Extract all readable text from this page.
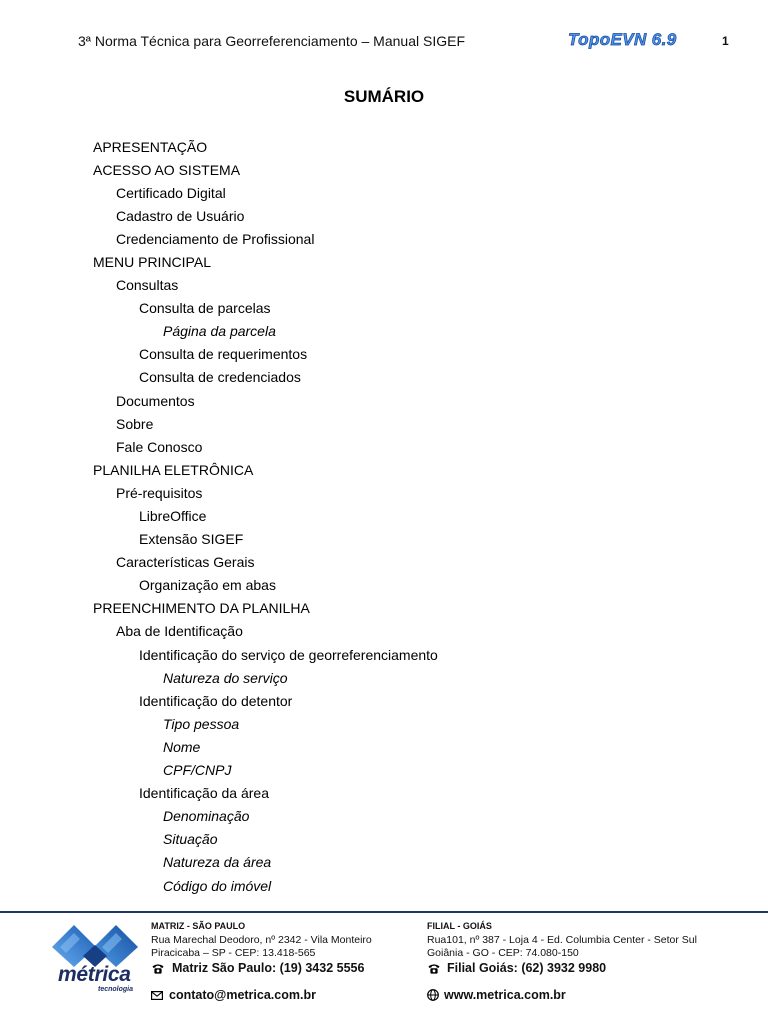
3ª Norma Técnica para Georreferenciamento – Manual SIGEF	TopoEVN 6.9	1
SUMÁRIO
APRESENTAÇÃO
ACESSO AO SISTEMA
Certificado Digital
Cadastro de Usuário
Credenciamento de Profissional
MENU PRINCIPAL
Consultas
Consulta de parcelas
Página da parcela
Consulta de requerimentos
Consulta de credenciados
Documentos
Sobre
Fale Conosco
PLANILHA ELETRÔNICA
Pré-requisitos
LibreOffice
Extensão SIGEF
Características Gerais
Organização em abas
PREENCHIMENTO DA PLANILHA
Aba de Identificação
Identificação do serviço de georreferenciamento
Natureza do serviço
Identificação do detentor
Tipo pessoa
Nome
CPF/CNPJ
Identificação da área
Denominação
Situação
Natureza da área
Código do imóvel
métrica
tecnologia
MATRIZ - SÃO PAULO
Rua Marechal Deodoro, nº 2342 - Vila Monteiro
Piracicaba – SP - CEP: 13.418-565
Matriz São Paulo: (19) 3432 5556
contato@metrica.com.br
FILIAL - GOIÁS
Rua101, nº 387 - Loja 4 - Ed. Columbia Center - Setor Sul
Goiânia - GO - CEP: 74.080-150
Filial Goiás: (62) 3932 9980
www.metrica.com.br
